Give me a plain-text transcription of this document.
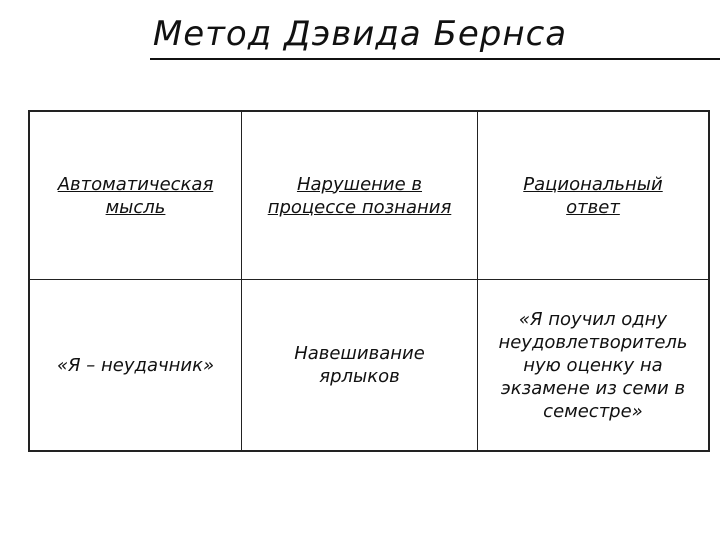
Метод Дэвида Бернса
Автоматическая
мысль
Нарушение в
процессе познания
Рациональный
ответ
«Я – неудачник»
Навешивание
ярлыков
«Я поучил одну
неудовлетворитель
ную оценку на
экзамене из семи в
семестре»
